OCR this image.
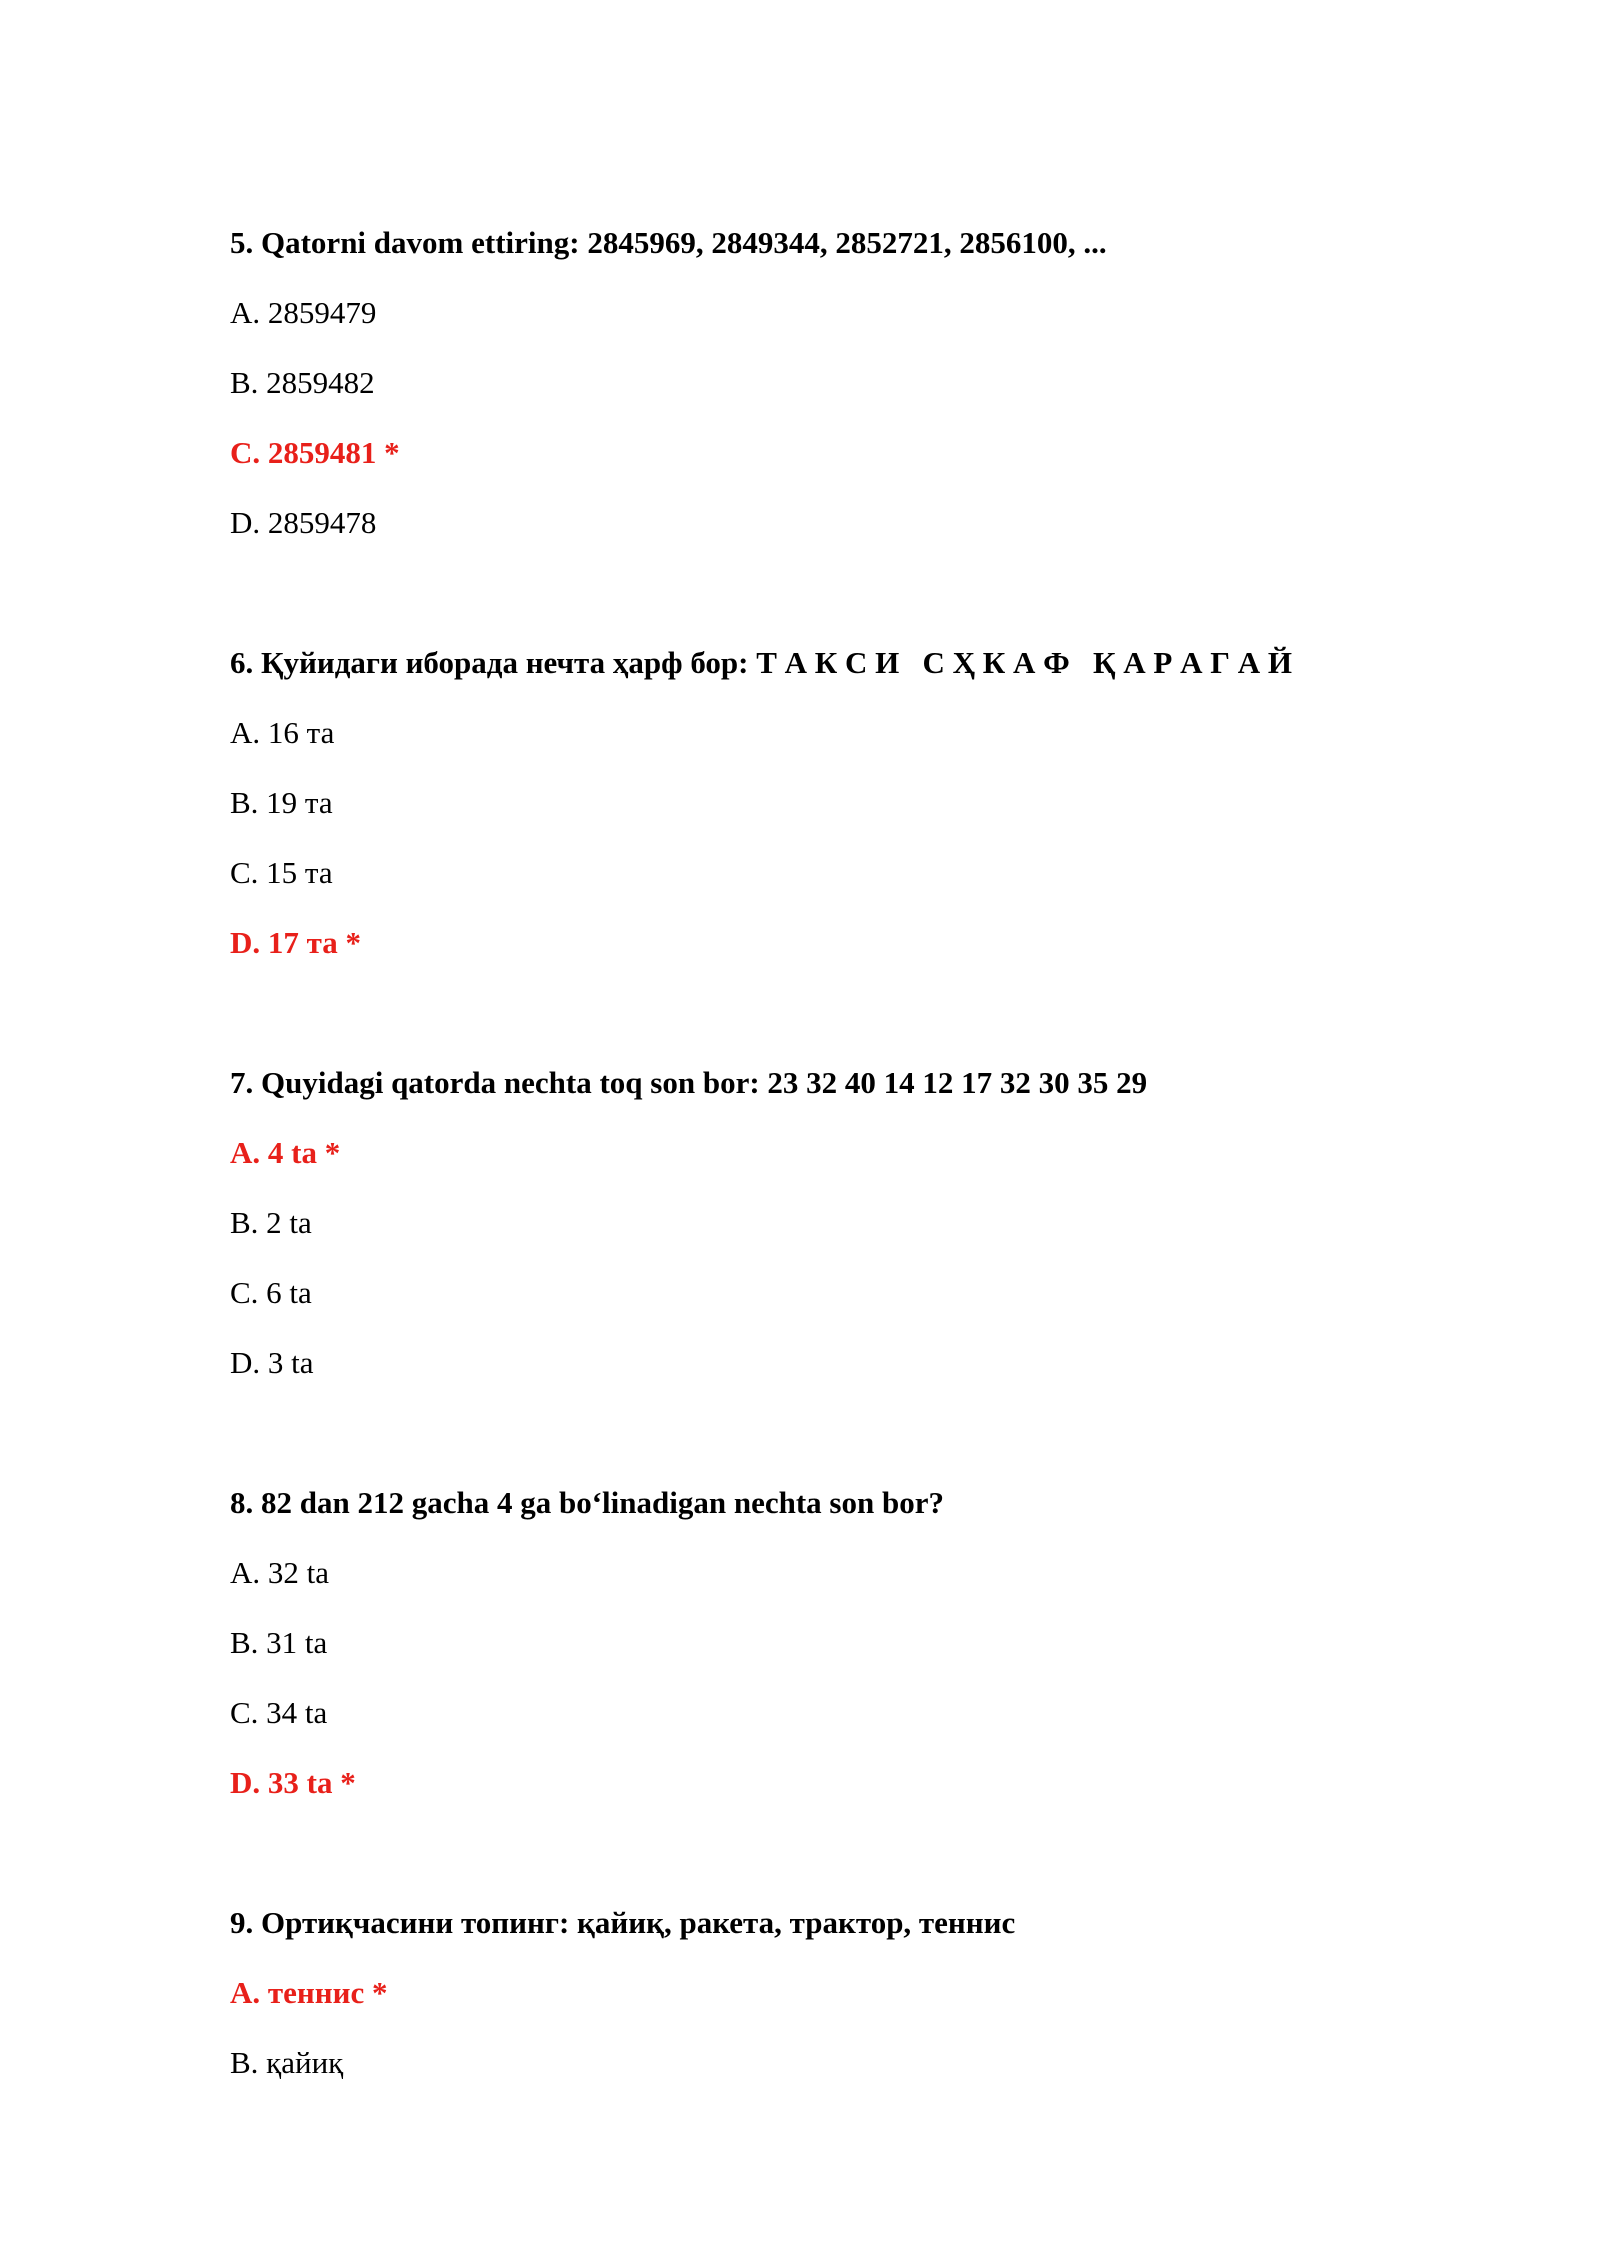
5. Qatorni davom ettiring: 2845969, 2849344, 2852721, 2856100, ...
A. 2859479
B. 2859482
C. 2859481 *
D. 2859478
6. Қуйидаги иборада нечта ҳарф бор: Т А К С И   С Ҳ К А Ф   Қ А Р А Г А Й
A. 16 та
B. 19 та
C. 15 та
D. 17 та *
7. Quyidagi qatorda nechta toq son bor: 23 32 40 14 12 17 32 30 35 29
A. 4 ta *
B. 2 ta
C. 6 ta
D. 3 ta
8. 82 dan 212 gacha 4 ga bo‘linadigan nechta son bor?
A. 32 ta
B. 31 ta
C. 34 ta
D. 33 ta *
9. Ортиқчасини топинг: қайиқ, ракета, трактор, теннис
A. теннис *
B. қайиқ
